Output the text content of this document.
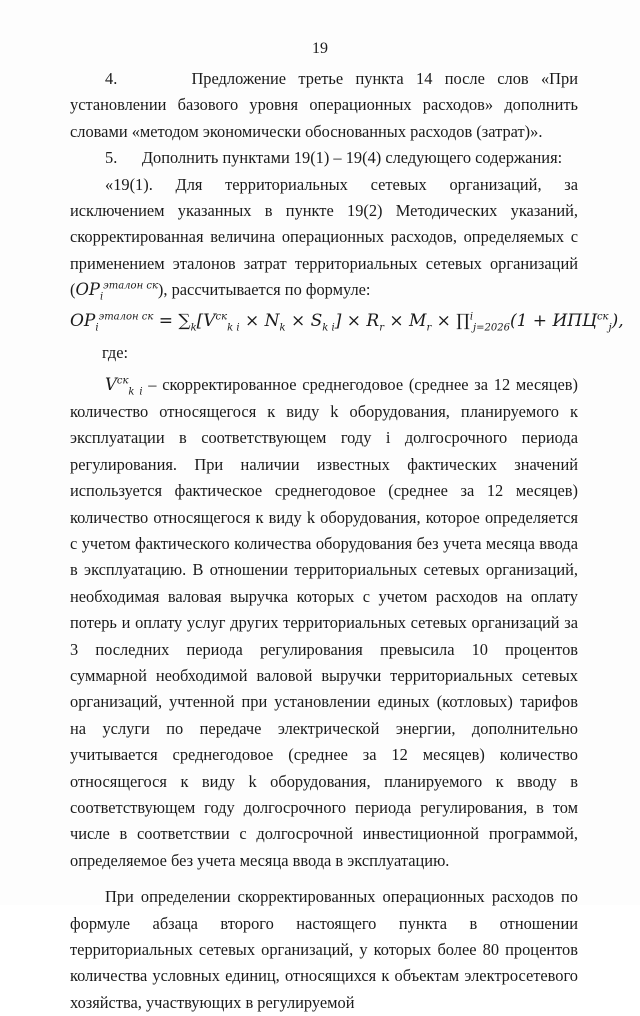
19

4.      Предложение третье пункта 14 после слов «При установлении базового уровня операционных расходов» дополнить словами «методом экономически обоснованных расходов (затрат)».

5.      Дополнить пунктами 19(1) – 19(4) следующего содержания:

«19(1). Для территориальных сетевых организаций, за исключением указанных в пункте 19(2) Методических указаний, скорректированная величина операционных расходов, определяемых с применением эталонов затрат территориальных сетевых организаций $(ОР_i^{эталон ск})$, рассчитывается по формуле:

$ОР_i^{эталон ск} = \sum_k[V^{ск}_{k i} \times N_k \times S_{k i}] \times R_r \times M_r$ × ∏$^i_{j=2026}$(1 + $ИПЦ^{ск}_j$),

где:

$V^{ск}_{k i}$ – скорректированное среднегодовое (среднее за 12 месяцев) количество относящегося к виду k оборудования, планируемого к эксплуатации в соответствующем году i долгосрочного периода регулирования. При наличии известных фактических значений используется фактическое среднегодовое (среднее за 12 месяцев) количество относящегося к виду k оборудования, которое определяется с учетом фактического количества оборудования без учета месяца ввода в эксплуатацию. В отношении территориальных сетевых организаций, необходимая валовая выручка которых с учетом расходов на оплату потерь и оплату услуг других территориальных сетевых организаций за 3 последних периода регулирования превысила 10 процентов суммарной необходимой валовой выручки территориальных сетевых организаций, учтенной при установлении единых (котловых) тарифов на услуги по передаче электрической энергии, дополнительно учитывается среднегодовое (среднее за 12 месяцев) количество относящегося к виду k оборудования, планируемого к вводу в соответствующем году долгосрочного периода регулирования, в том числе в соответствии с долгосрочной инвестиционной программой, определяемое без учета месяца ввода в эксплуатацию.

При определении скорректированных операционных расходов по формуле абзаца второго настоящего пункта в отношении территориальных сетевых организаций, у которых более 80 процентов количества условных единиц, относящихся к объектам электросетевого хозяйства, участвующих в регулируемой
